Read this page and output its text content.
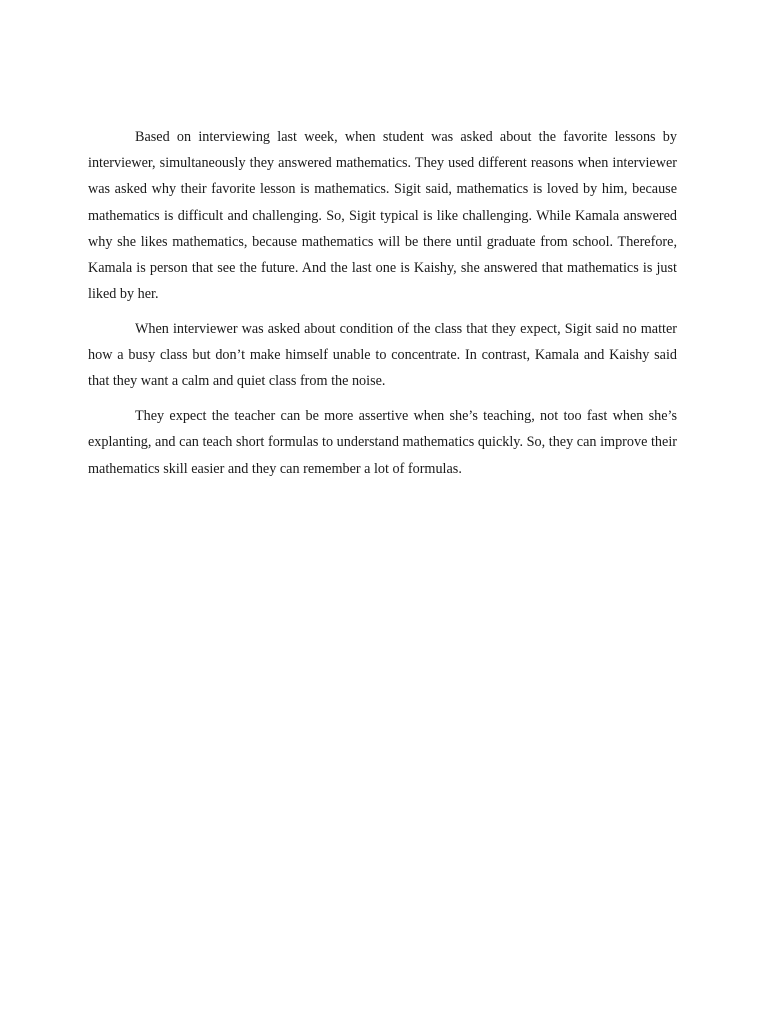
Based on interviewing last week, when student was asked about the favorite lessons by interviewer, simultaneously they answered mathematics. They used different reasons when interviewer was asked why their favorite lesson is mathematics. Sigit said, mathematics is loved by him, because mathematics is difficult and challenging. So, Sigit typical is like challenging. While Kamala answered why she likes mathematics, because mathematics will be there until graduate from school. Therefore, Kamala is person that see the future. And the last one is Kaishy, she answered that mathematics is just liked by her.

When interviewer was asked about condition of the class that they expect, Sigit said no matter how a busy class but don’t make himself unable to concentrate. In contrast, Kamala and Kaishy said that they want a calm and quiet class from the noise.

They expect the teacher can be more assertive when she’s teaching, not too fast when she’s explanting, and can teach short formulas to understand mathematics quickly. So, they can improve their mathematics skill easier and they can remember a lot of formulas.
